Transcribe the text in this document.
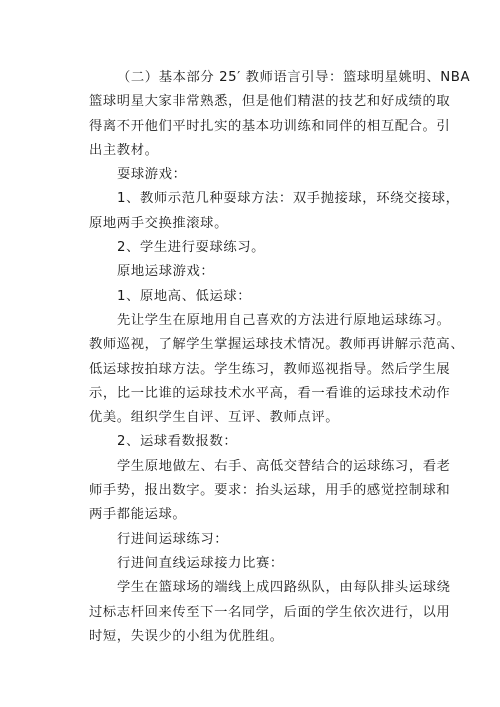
（二）基本部分 25′ 教师语言引导：篮球明星姚明、NBA
篮球明星大家非常熟悉，但是他们精湛的技艺和好成绩的取
得离不开他们平时扎实的基本功训练和同伴的相互配合。引
出主教材。

耍球游戏：

1、教师示范几种耍球方法：双手抛接球，环绕交接球，
原地两手交换推滚球。

2、学生进行耍球练习。

原地运球游戏：

1、原地高、低运球：

先让学生在原地用自己喜欢的方法进行原地运球练习。
教师巡视，了解学生掌握运球技术情况。教师再讲解示范高、
低运球按拍球方法。学生练习，教师巡视指导。然后学生展
示，比一比谁的运球技术水平高，看一看谁的运球技术动作
优美。组织学生自评、互评、教师点评。

2、运球看数报数：

学生原地做左、右手、高低交替结合的运球练习，看老
师手势，报出数字。要求：抬头运球，用手的感觉控制球和
两手都能运球。

行进间运球练习：

行进间直线运球接力比赛：

学生在篮球场的端线上成四路纵队，由每队排头运球绕
过标志杆回来传至下一名同学，后面的学生依次进行，以用
时短，失误少的小组为优胜组。
